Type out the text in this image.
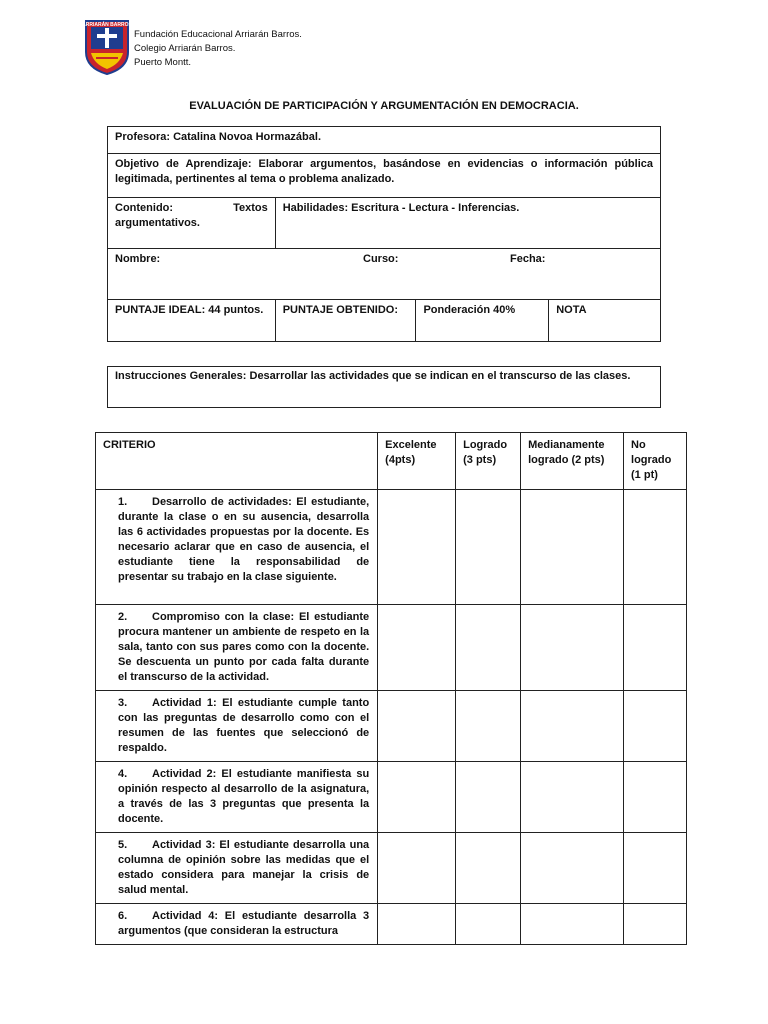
ARRIARÁN BARROS
Fundación Educacional Arriarán Barros.
Colegio Arriarán Barros.
Puerto Montt.
EVALUACIÓN DE PARTICIPACIÓN Y ARGUMENTACIÓN EN DEMOCRACIA.
Profesora: Catalina Novoa Hormazábal.			
Objetivo de Aprendizaje: Elaborar argumentos, basándose en evidencias o información pública legitimada, pertinentes al tema o problema analizado.			
Contenido: Textos argumentativos.	Habilidades: Escritura - Lectura - Inferencias.		

Nombre: Curso: Fecha:			

PUNTAJE IDEAL: 44 puntos.	PUNTAJE OBTENIDO:	Ponderación 40%	NOTA
Instrucciones Generales: Desarrollar las actividades que se indican en el transcurso de las clases.
CRITERIO	Excelente (4pts)	Logrado (3 pts)	Medianamente logrado (2 pts)	No logrado (1 pt)
1. Desarrollo de actividades: El estudiante, durante la clase o en su ausencia, desarrolla las 6 actividades propuestas por la docente. Es necesario aclarar que en caso de ausencia, el estudiante tiene la responsabilidad de presentar su trabajo en la clase siguiente.				
2. Compromiso con la clase: El estudiante procura mantener un ambiente de respeto en la sala, tanto con sus pares como con la docente. Se descuenta un punto por cada falta durante el transcurso de la actividad.				
3. Actividad 1: El estudiante cumple tanto con las preguntas de desarrollo como con el resumen de las fuentes que seleccionó de respaldo.				
4. Actividad 2: El estudiante manifiesta su opinión respecto al desarrollo de la asignatura, a través de las 3 preguntas que presenta la docente.				
5. Actividad 3: El estudiante desarrolla una columna de opinión sobre las medidas que el estado considera para manejar la crisis de salud mental.				
6. Actividad 4: El estudiante desarrolla 3 argumentos (que consideran la estructura				
